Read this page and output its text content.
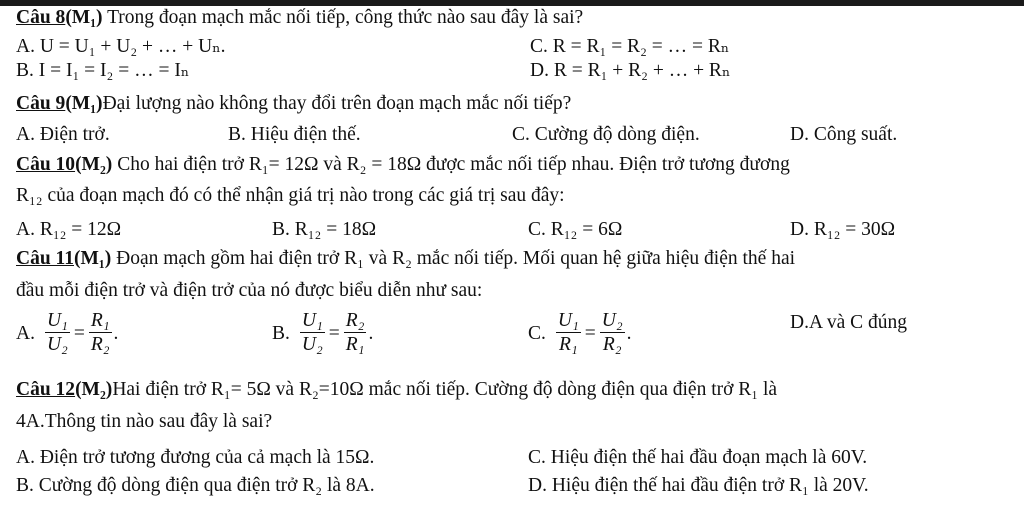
Câu 8(M₁) Trong đoạn mạch mắc nối tiếp, công thức nào sau đây là sai?
A. U = U₁ + U₂ + … + Uₙ.	C. R = R₁ = R₂ = … = Rₙ
B. I = I₁ = I₂ = … = Iₙ	D. R = R₁ + R₂ + … + Rₙ
Câu 9(M₁)Đại lượng nào không thay đổi trên đoạn mạch mắc nối tiếp?
A. Điện trở.	B. Hiệu điện thế.	C. Cường độ dòng điện.	D. Công suất.
Câu 10(M₂) Cho hai điện trở R₁= 12Ω và R₂ = 18Ω được mắc nối tiếp nhau. Điện trở tương đương
R₁₂ của đoạn mạch đó có thể nhận giá trị nào trong các giá trị sau đây:
A. R₁₂ = 12Ω	B. R₁₂ = 18Ω	C. R₁₂ = 6Ω	D. R₁₂ = 30Ω
Câu 11(M₁) Đoạn mạch gồm hai điện trở R₁ và R₂ mắc nối tiếp. Mối quan hệ giữa hiệu điện thế hai
đầu mỗi điện trở và điện trở của nó được biểu diễn như sau:
A. $\frac{\text{U₁}}{\text{U₂}} = \frac{\text{R₁}}{\text{R₂}}$ .	B. $\frac{\text{U₁}}{\text{U₂}} = \frac{\text{R₂}}{\text{R₁}}$ .	C. $\frac{\text{U₁}}{\text{R₁}} = \frac{\text{U₂}}{\text{R₂}}$ .	D.A và C đúng
Câu 12(M₂)Hai điện trở R₁= 5Ω và R₂=10Ω mắc nối tiếp. Cường độ dòng điện qua điện trở R₁ là
4A.Thông tin nào sau đây là sai?
A. Điện trở tương đương của cả mạch là 15Ω.	C. Hiệu điện thế hai đầu đoạn mạch là 60V.
B. Cường độ dòng điện qua điện trở R₂ là 8A.	D. Hiệu điện thế hai đầu điện trở R₁ là 20V.
